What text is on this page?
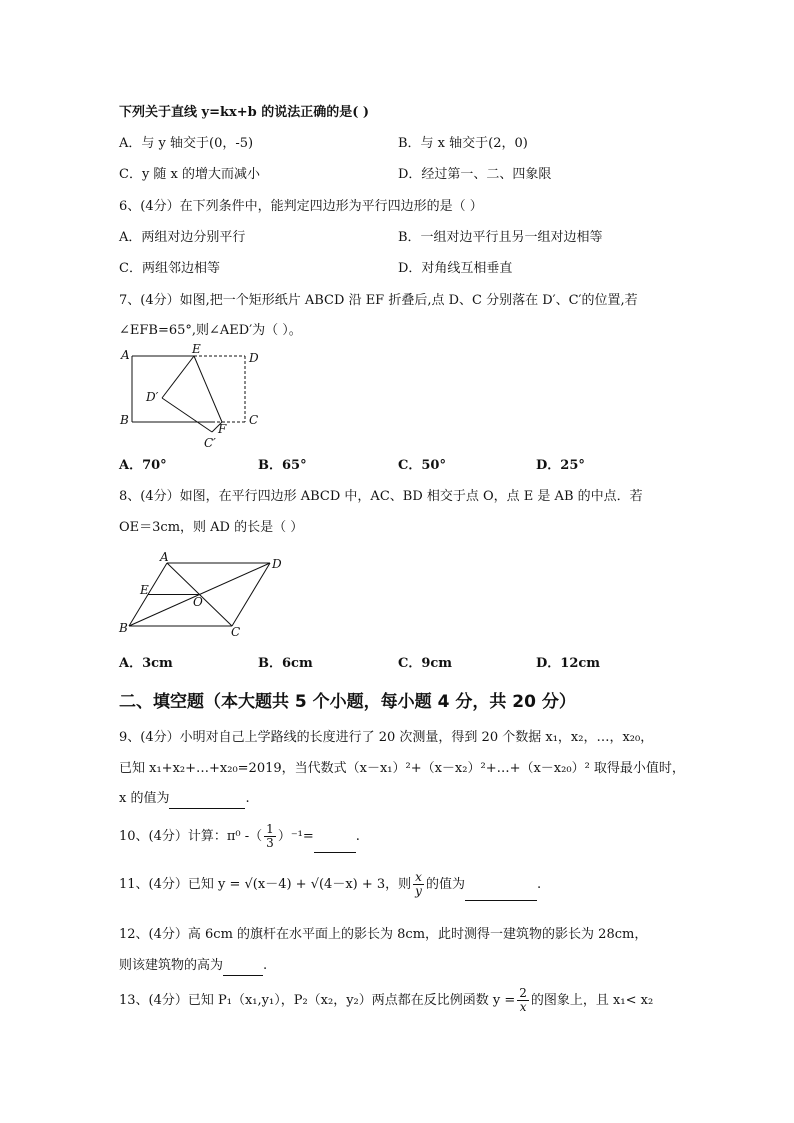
下列关于直线 y=kx+b 的说法正确的是( )
A．与 y 轴交于(0，-5)	B．与 x 轴交于(2，0)
C．y 随 x 的增大而减小	D．经过第一、二、四象限
6、(4分）在下列条件中，能判定四边形为平行四边形的是（ ）
A．两组对边分别平行	B．一组对边平行且另一组对边相等
C．两组邻边相等	D．对角线互相垂直
7、(4分）如图,把一个矩形纸片 ABCD 沿 EF 折叠后,点 D、C 分别落在 D′、C′的位置,若
∠EFB=65°,则∠AED′为（ ）。
A	E
D
D′
B	C
F
C′
A．70°	B．65°	C．50°	D．25°
8、(4分）如图，在平行四边形 ABCD 中，AC、BD 相交于点 O，点 E 是 AB 的中点．若
OE＝3cm，则 AD 的长是（ ）
A	D
E
O
B	C
A．3cm	B．6cm	C．9cm	D．12cm
二、填空题（本大题共 5 个小题，每小题 4 分，共 20 分）
9、(4分）小明对自己上学路线的长度进行了 20 次测量，得到 20 个数据 x₁，x₂，…，x₂₀，
已知 x₁+x₂+…+x₂₀=2019，当代数式（x－x₁）²+（x－x₂）²+…+（x－x₂₀）² 取得最小值时，
x 的值为	.
10、(4分）计算：π⁰ -（ $\frac{1}{3} )^{-1}=$	.
11、(4分）已知 y = √(x－4) + √(4－x) + 3，则 $\frac{x}{y}$ 的值为	.
12、(4分）高 6cm 的旗杆在水平面上的影长为 8cm，此时测得一建筑物的影长为 28cm，
则该建筑物的高为	.
13、(4分）已知 P₁（x₁,y₁），P₂（x₂，y₂）两点都在反比例函数 $y = \frac{2}{x}$ 的图象上，且 x₁< x₂
